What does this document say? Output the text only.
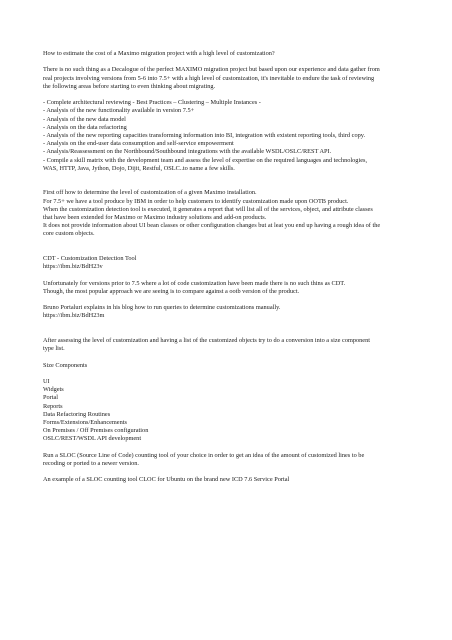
How to estimate the cost of a Maximo migration project with a high level of customization?
There is no such thing as a Decalogue of the perfect MAXIMO migration project but based upon our experience and data gather from
real projects involving versions from 5-6 into 7.5+ with a high level of customization, it's inevitable to endure the task of reviewing
the following areas before starting to even thinking about migrating.
- Complete architectural reviewing - Best Practices – Clustering – Multiple Instances -
- Analysis of the new functionality available in version 7.5+
- Analysis of the new data model
- Analysis on the data refactoring
- Analysis of the new reporting capacities transforming information into BI, integration with existent reporting tools, third copy.
- Analysis on the end-user data consumption and self-service empowerment
- Analysis/Reassessment on the Northbound/Southbound integrations with the available WSDL/OSLC/REST API.
- Compile a skill matrix with the development team and assess the level of expertise on the required languages and technologies,
WAS, HTTP, Java, Jython, Dojo, Dijit, Restful, OSLC..to name a few skills.
First off how to determine the level of customization of a given Maximo installation.
For 7.5+ we have a tool produce by IBM in order to help customers to identify customization made upon OOTB product.
When the customization detection tool is executed, it generates a report that will list all of the services, object, and attribute classes
that have been extended for Maximo or Maximo industry solutions and add-on products.
It does not provide information about UI bean classes or other configuration changes but at leat you end up having a rough idea of the
core custom objects.
CDT - Customization Detection Tool
https://ibm.biz/BdH23v
Unfortunately for versions prior to 7.5 where a lot of code customization have been made there is no such thins as CDT.
Though, the most popular approach we are seeing is to compare against a ootb version of the product.
Bruno Portaluri explains in his blog how to run queries to determine customizations manually.
https://ibm.biz/BdH23m
After assessing the level of customization and having a list of the customized objects try to do a conversion into a size component
type list.
Size Components
UI
Widgets
Portal
Reports
Data Refactoring Routines
Forms/Extensions/Enhancements
On Premises / Off Premises configuration
OSLC/REST/WSDL API development
Run a SLOC (Source Line of Code) counting tool of your choice in order to get an idea of the amount of customized lines to be
recoding or ported to a newer version.
An example of a SLOC counting tool CLOC for Ubuntu on the brand new ICD 7.6 Service Portal
